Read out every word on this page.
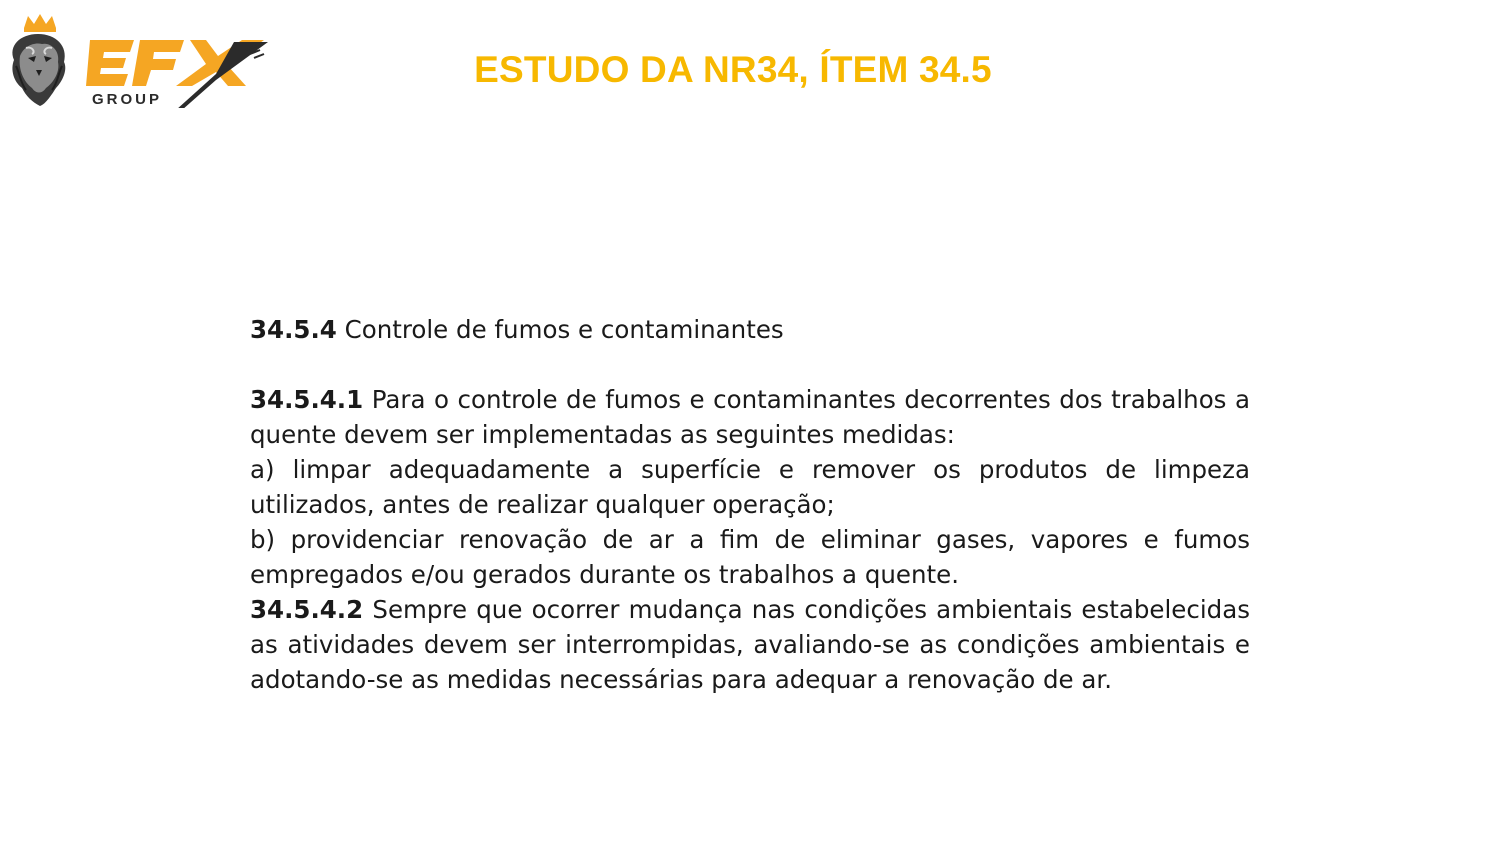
GROUP
ESTUDO DA NR34, ÍTEM 34.5

34.5.4 Controle de fumos e contaminantes

34.5.4.1 Para o controle de fumos e contaminantes decorrentes dos trabalhos a quente devem ser implementadas as seguintes medidas:

a) limpar adequadamente a superfície e remover os produtos de limpeza utilizados, antes de realizar qualquer operação;

b) providenciar renovação de ar a fim de eliminar gases, vapores e fumos empregados e/ou gerados durante os trabalhos a quente.

34.5.4.2 Sempre que ocorrer mudança nas condições ambientais estabelecidas as atividades devem ser interrompidas, avaliando-se as condições ambientais e adotando-se as medidas necessárias para adequar a renovação de ar.
